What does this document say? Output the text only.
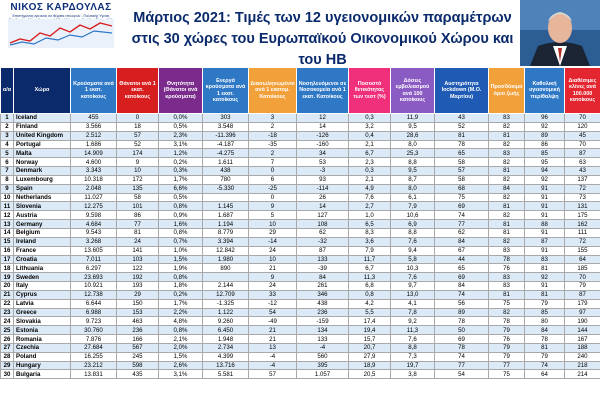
ΝΙΚΟΣ ΚΑΡΔΟΥΛΑΣ
Επιστήμονας έρευνας σε θέματα επιλογών - Πολιτικής Υγείας	Μάρτιος 2021: Τιμές των 12 υγειονομικών παραμέτρων στις 30 χώρες του Ευρωπαϊκού Οικονομικού Χώρου και του ΗΒ
α/α	Χώρα	Κρούσματα ανά 1 εκατ. κατοίκους	Θάνατοι ανά 1 εκατ. κατοίκους	Θνητότητα (Θάνατοι ανά κρούσματα)	Ενεργά κρούσματα ανά 1 εκατ. κατοίκους	Διασωληνωμένοι ανά 1 εκατομ. Κατοίκους	Νοσηλευόμενοι σε Νοσοκομεία ανά 1 εκατ. Κατοίκους	Ποσοστό θετικότητας των τεστ (%)	Δόσεις εμβολιασμού ανά 100 κατοίκους	Αυστηρότητα lockdown (Μ.Ο. Μαρτίου)	Προσδόκιμο όριο ζωής	Καθολική υγειονομική περίθαλψη	Διαθέσιμες κλίνες ανά 100.000 κατοίκους
1	Iceland	455	0	0,0%	303	3	12	0,3	11,9	43	83	96	70
2	Finland	3.566	18	0,5%	3.548	2	14	3,2	9,5	52	82	92	120
3	United Kingdom	2.512	57	2,3%	-11.396	-18	-126	0,4	28,6	81	81	89	45
4	Portugal	1.686	52	3,1%	-4.187	-35	-160	2,1	8,0	78	82	86	70
5	Malta	14.909	174	1,2%	-4.275	2	34	6,7	25,3	65	83	85	87
6	Norway	4.600	9	0,2%	1.611	7	53	2,3	8,8	58	82	95	63
7	Denmark	3.343	10	0,3%	438	0	-3	0,3	9,5	57	81	94	43
8	Luxembourg	10.318	172	1,7%	780	6	93	2,1	8,7	58	82	92	137
9	Spain	2.048	135	6,6%	-5.330	-25	-114	4,9	8,0	68	84	91	72
10	Netherlands	11.027	58	0,5%		0	26	7,6	6,1	75	82	91	73
11	Slovenia	12.275	101	0,8%	1.145	9	14	2,7	7,9	69	81	91	131
12	Austria	9.598	86	0,9%	1.687	5	127	1,0	10,6	74	82	91	175
13	Germany	4.684	77	1,6%	1.194	10	108	6,5	6,9	77	81	88	162
14	Belgium	9.543	81	0,8%	8.779	29	62	8,3	8,8	62	81	91	111
15	Ireland	3.268	24	0,7%	3.394	-14	-32	3,6	7,6	84	82	87	72
16	France	13.605	141	1,0%	12.842	24	87	7,9	9,4	67	83	91	155
17	Croatia	7.011	103	1,5%	1.980	10	133	11,7	5,8	44	78	83	64
18	Lithuania	6.297	122	1,9%	890	21	-39	6,7	10,3	65	76	81	185
19	Sweden	23.693	192	0,8%		9	84	11,3	7,6	69	83	92	70
20	Italy	10.921	193	1,8%	2.144	24	261	6,8	9,7	84	83	91	79
21	Cyprus	12.738	29	0,2%	12.709	33	346	0,8	13,0	74	81	81	87
22	Latvia	6.644	150	1,7%	-1.325	-12	438	4,2	4,1	56	75	79	179
23	Greece	6.988	153	2,2%	1.122	54	236	5,5	7,8	89	82	85	97
24	Slovakia	9.723	463	4,8%	9.260	-49	-159	17,4	9,2	78	78	80	190
25	Estonia	30.760	236	0,8%	6.450	21	134	19,4	11,3	50	79	84	144
26	Romania	7.876	166	2,1%	1.948	21	133	15,7	7,6	69	76	78	167
27	Czechia	27.684	567	2,0%	2.734	13	-4	20,7	8,8	78	79	81	188
28	Poland	16.255	245	1,5%	4.399	-4	560	27,9	7,3	74	79	79	240
29	Hungary	23.212	598	2,6%	13.716	-4	395	18,9	19,7	77	77	74	218
30	Bulgaria	13.831	435	3,1%	5.581	57	1.057	20,5	3,8	54	75	64	214
